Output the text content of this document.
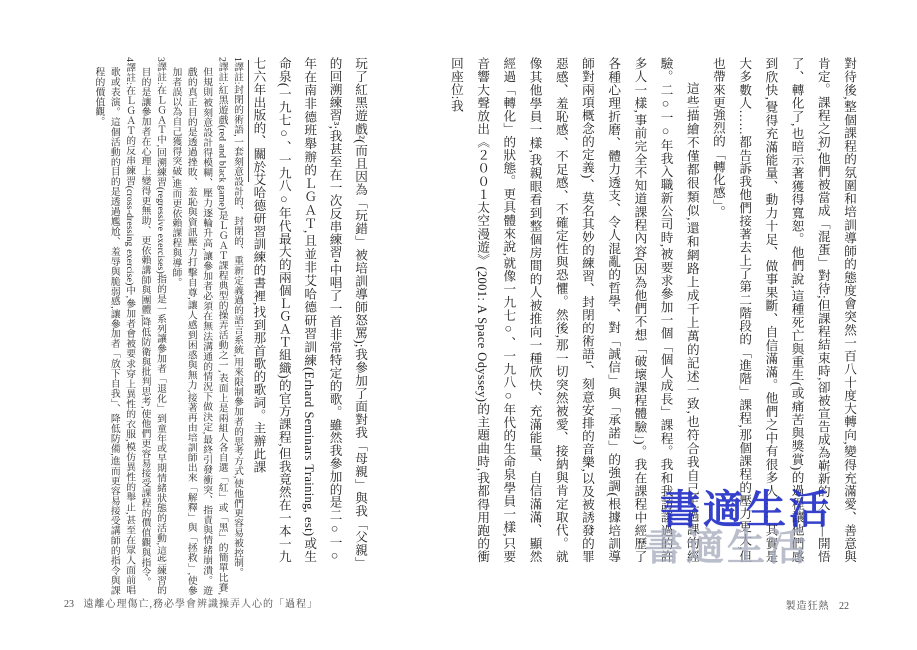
對待後,整個課程的氛圍和培訓導師的態度會突然一百八十度大轉向,變得充滿愛、善意與肯定。課程之初,他們被當成「混蛋」對待;但課程結束時,卻被宣告成為嶄新的人——開悟了、轉化了,也暗示著獲得寬恕。他們說,這種死亡與重生(或痛苦與獎賞)的過程讓他們感到欣快,覺得充滿能量、動力十足、做事果斷、自信滿滿。他們之中有很多人……其實是大多數人……都告訴我他們接著去上了第二階段的「進階」課程,那個課程的壓力更大,但也帶來更強烈的「轉化感」。

這些描繪不僅都很類似,還和網路上成千上萬的記述一致,也符合我自己上過課的經驗。二○一○年我入職新公司時,被要求參加一個「個人成長」課程。我和我訪談過的許多人一樣,事前完全不知道課程內容(因為他們不想「破壞課程體驗」)。我在課程中經歷了各種心理折磨、體力透支、令人混亂的哲學、對「誠信」與「承諾」的強調(根據培訓導師對兩項概念的定義)、莫名其妙的練習、封閉的術語¹、刻意安排的音樂,以及被誘發的罪惡感、羞恥感、不足感、不確定性與恐懼。然後,那一切突然被愛、接納與肯定取代。就像其他學員一樣,我親眼看到整個房間的人被推向一種欣快、充滿能量、自信滿滿、顯然經過「轉化」的狀態。更具體來說,就像一九七○、一九八○年代的生命泉學員一樣,只要音響大聲放出《２００１太空漫遊》(2001: A Space Odyssey)的主題曲時,我都得用跑的衝回座位:我

製造狂熱 22

玩了紅黑遊戲²(而且因為「玩錯」被培訓導師怒罵);我參加了面對我「母親」與我「父親」的回溯練習³;我甚至在一次反串練習⁴中唱了一首非常特定的歌。雖然我參加的是二○一○年在南非德班舉辦的ＬＧＡＴ,且並非艾哈德研習訓練(Erhard Seminars Training, est)或生命泉(一九七○、一九八○年代最大的兩個ＬＧＡＴ組織)的官方課程,但我竟然在一本一九七六年出版的、關於艾哈德研習訓練的書裡,找到那首歌的歌詞。主辦此課

1譯註:封閉的術語,一套刻意設計的、封閉的、重新定義過的語言系統,用來限制參加者的思考方式,使他們更容易被控制。

2譯註:紅黑遊戲(red and black game)是ＬＧＡＴ課程典型的操弄活動之一,表面上是兩組人各自選「紅」或「黑」的簡單比賽,但規則被刻意設計得模糊、壓力逐輪升高,讓參加者必須在無法溝通的情況下做決定,最終引發衝突、指責與情緒崩潰。遊戲的真正目的是透過挫敗、羞恥與資訊壓力打擊自尊,讓人感到困惑與無力,接著再由培訓師出來「解釋」與「拯救」,使參加者誤以為自己獲得突破,進而更依賴課程與導師。

3譯註:在ＬＧＡＴ中,回溯練習(regressive exercises)指的是一系列讓參加者「退化」到童年或早期情緒狀態的活動,這些練習的目的是讓參加者在心理上變得更無助、更依賴講師與團體,降低防衛與批判思考,使他們更容易接受課程的價值觀與指令。

4譯註:在ＬＧＡＴ的反串練習(cross-dressing exercise)中,參加者會被要求穿上異性的衣服,模仿異性的舉止,甚至在眾人面前唱歌或表演。這個活動的目的是透過尷尬、羞辱與脆弱感,讓參加者「放下自我」、降低防備,進而更容易接受講師的指令與課程的價值觀。

23 遠離心理傷亡,務必學會辨識操弄人心的「過程」
書適生活
書適生活
